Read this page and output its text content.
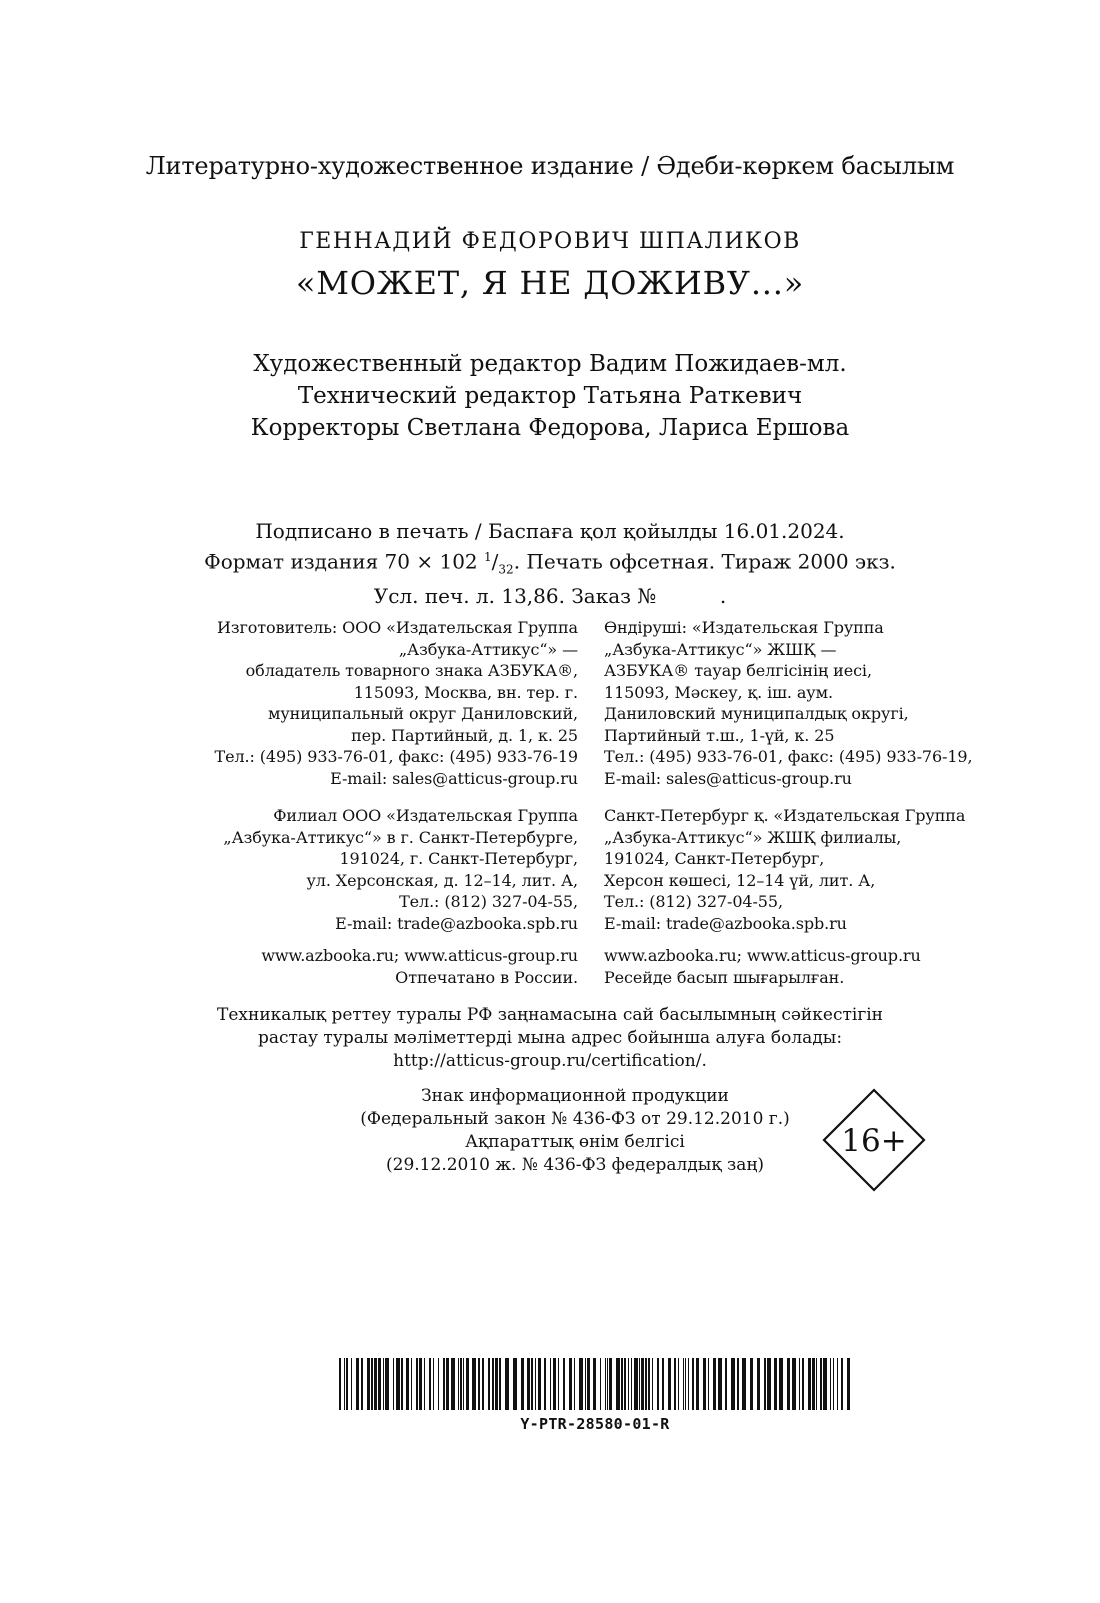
Литературно-художественное издание / Әдеби-көркем басылым
ГЕННАДИЙ ФЕДОРОВИЧ ШПАЛИКОВ
«МОЖЕТ, Я НЕ ДОЖИВУ...»
Художественный редактор Вадим Пожидаев-мл.
Технический редактор Татьяна Раткевич
Корректоры Светлана Федорова, Лариса Ершова
Подписано в печать / Баспаға қол қойылды 16.01.2024.
Формат издания 70 × 102 $^1/_{32}$. Печать офсетная. Тираж 2000 экз.
Усл. печ. л. 13,86. Заказ №          .
Изготовитель: ООО «Издательская Группа
„Азбука-Аттикус“» —
обладатель товарного знака АЗБУКА®,
115093, Москва, вн. тер. г.
муниципальный округ Даниловский,
пер. Партийный, д. 1, к. 25
Тел.: (495) 933-76-01, факс: (495) 933-76-19
E-mail: sales@atticus-group.ru
Өндіруші: «Издательская Группа
„Азбука-Аттикус“» ЖШҚ —
АЗБУКА® тауар белгісінің иесі,
115093, Мәскеу, қ. іш. аум.
Даниловский муниципалдық округі,
Партийный т.ш., 1-үй, к. 25
Тел.: (495) 933-76-01, факс: (495) 933-76-19,
E-mail: sales@atticus-group.ru
Филиал ООО «Издательская Группа
„Азбука-Аттикус“» в г. Санкт-Петербурге,
191024, г. Санкт-Петербург,
ул. Херсонская, д. 12–14, лит. А,
Тел.: (812) 327-04-55,
E-mail: trade@azbooka.spb.ru
Санкт-Петербург қ. «Издательская Группа
„Азбука-Аттикус“» ЖШҚ филиалы,
191024, Санкт-Петербург,
Херсон көшесі, 12–14 үй, лит. А,
Тел.: (812) 327-04-55,
E-mail: trade@azbooka.spb.ru
www.azbooka.ru; www.atticus-group.ru
Отпечатано в России.
www.azbooka.ru; www.atticus-group.ru
Ресейде басып шығарылған.
Техникалық реттеу туралы РФ заңнамасына сай басылымның сәйкестігін
растау туралы мәліметтерді мына адрес бойынша алуға болады:
http://atticus-group.ru/certification/.
Знак информационной продукции
(Федеральный закон № 436-ФЗ от 29.12.2010 г.)
Ақпараттық өнім белгісі
(29.12.2010 ж. № 436-ФЗ федералдық заң)
16+
Y-PTR-28580-01-R
